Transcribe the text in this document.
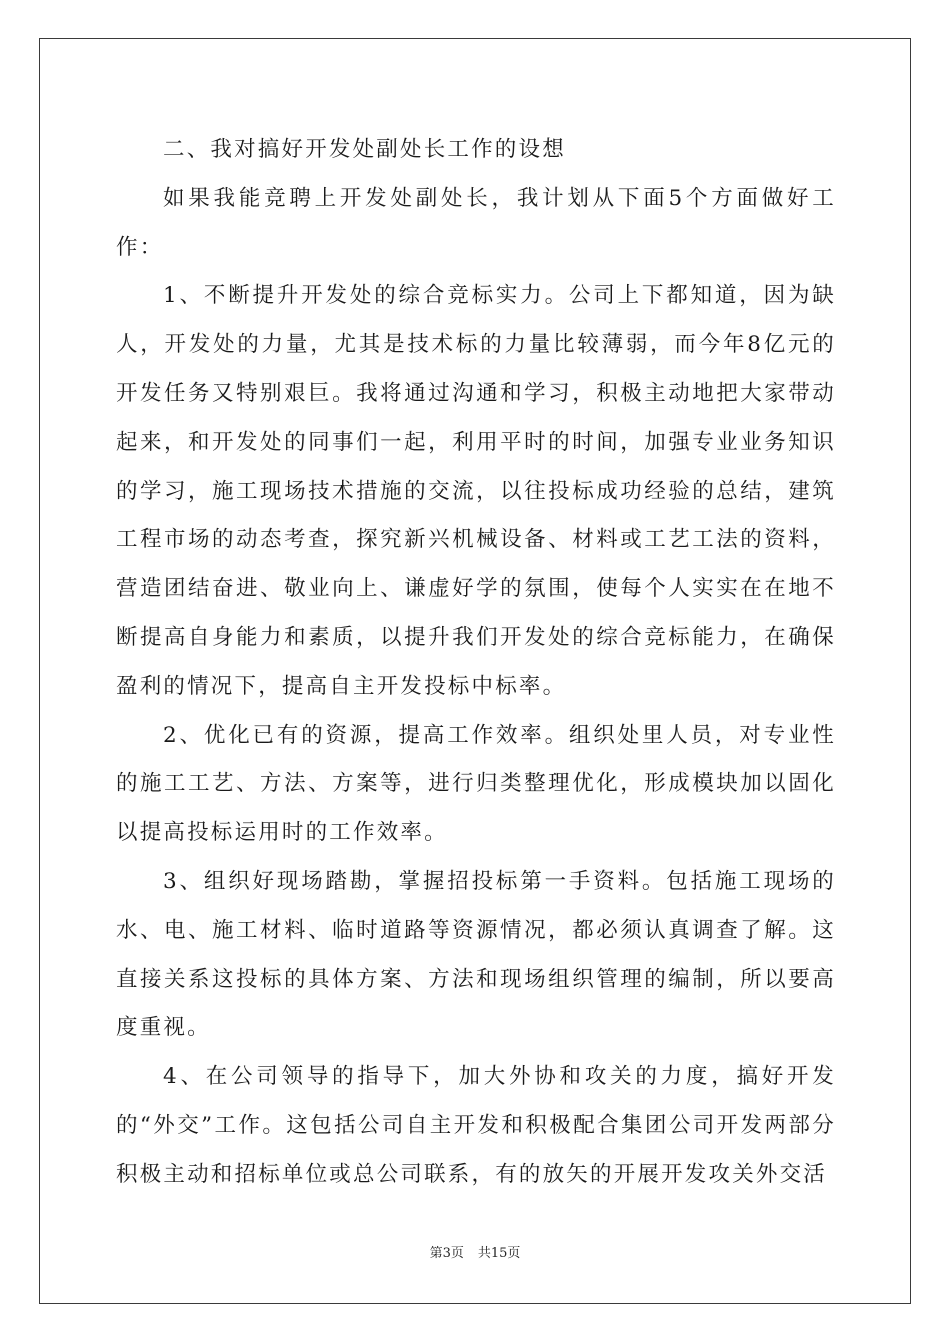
二、我对搞好开发处副处长工作的设想

如果我能竞聘上开发处副处长，我计划从下面5个方面做好工作：

1、不断提升开发处的综合竞标实力。公司上下都知道，因为缺人，开发处的力量，尤其是技术标的力量比较薄弱，而今年8亿元的开发任务又特别艰巨。我将通过沟通和学习，积极主动地把大家带动起来，和开发处的同事们一起，利用平时的时间，加强专业业务知识的学习，施工现场技术措施的交流，以往投标成功经验的总结，建筑工程市场的动态考查，探究新兴机械设备、材料或工艺工法的资料，营造团结奋进、敬业向上、谦虚好学的氛围，使每个人实实在在地不断提高自身能力和素质，以提升我们开发处的综合竞标能力，在确保盈利的情况下，提高自主开发投标中标率。

2、优化已有的资源，提高工作效率。组织处里人员，对专业性的施工工艺、方法、方案等，进行归类整理优化，形成模块加以固化以提高投标运用时的工作效率。

3、组织好现场踏勘，掌握招投标第一手资料。包括施工现场的水、电、施工材料、临时道路等资源情况，都必须认真调查了解。这直接关系这投标的具体方案、方法和现场组织管理的编制，所以要高度重视。

4、在公司领导的指导下，加大外协和攻关的力度，搞好开发的“外交”工作。这包括公司自主开发和积极配合集团公司开发两部分积极主动和招标单位或总公司联系，有的放矢的开展开发攻关外交活

第3页 共15页
